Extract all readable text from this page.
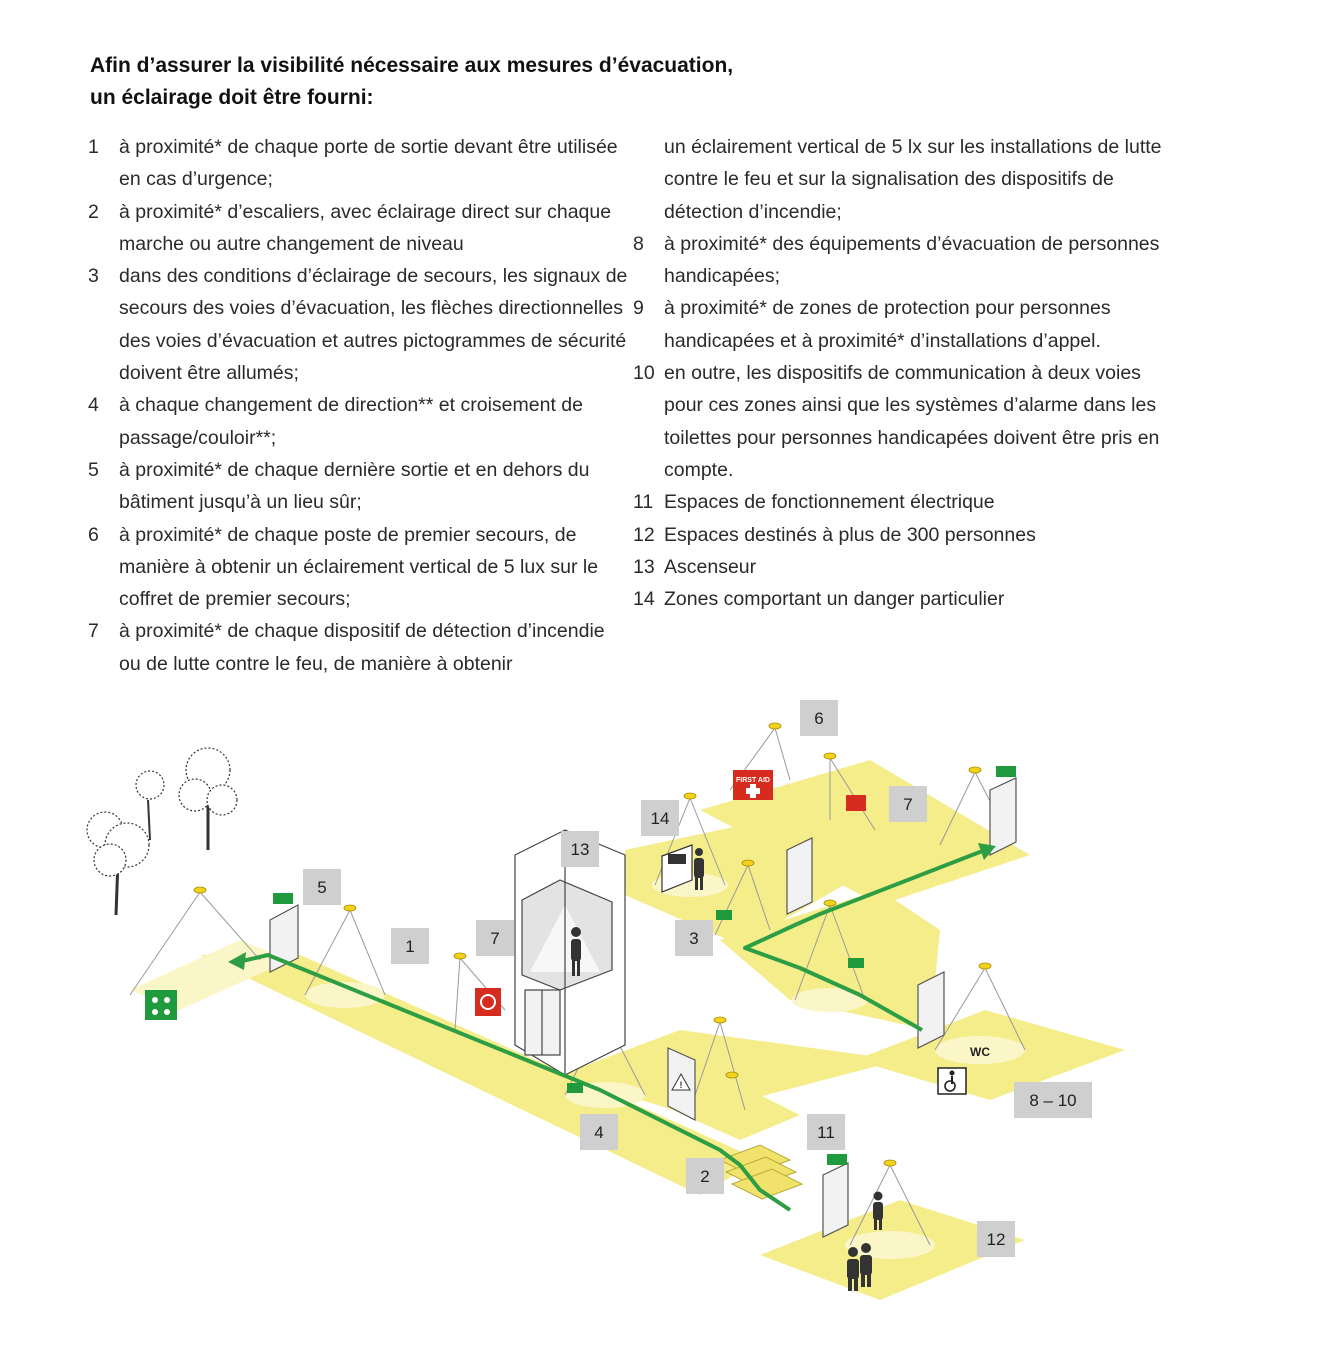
Afin d’assurer la visibilité nécessaire aux mesures d’évacuation,
un éclairage doit être fourni:
1	à proximité* de chaque porte de sortie devant être utilisée en cas d’urgence;
2	à proximité* d’escaliers, avec éclairage direct sur chaque marche ou autre changement de niveau
3	dans des conditions d’éclairage de secours, les signaux de secours des voies d’évacuation, les flèches directionnelles des voies d’évacuation et autres pictogrammes de sécurité doivent être allumés;
4	à chaque changement de direction** et croisement de passage/couloir**;
5	à proximité* de chaque dernière sortie et en dehors du bâtiment jusqu’à un lieu sûr;
6	à proximité* de chaque poste de premier secours, de manière à obtenir un éclairement vertical de 5 lux sur le coffret de premier secours;
7	à proximité* de chaque dispositif de détection d’incendie ou de lutte contre le feu, de manière à obtenir
un éclairement vertical de 5 lx sur les installations de lutte contre le feu et sur la signalisation des dispositifs de détection d’incendie;
8	à proximité* des équipements d’évacuation de personnes handicapées;
9	à proximité* de zones de protection pour personnes handicapées et à proximité* d’installations d’appel.
10 en outre, les dispositifs de communication à deux voies pour ces zones ainsi que les systèmes d’alarme dans les toilettes pour personnes handicapées doivent être pris en compte.
11 Espaces de fonctionnement électrique
12 Espaces destinés à plus de 300 personnes
13 Ascenseur
14 Zones comportant un danger particulier
FIRST AID
!
WC
1
2
3
4
5
6
7
7
8 – 10
11
12
13
14
